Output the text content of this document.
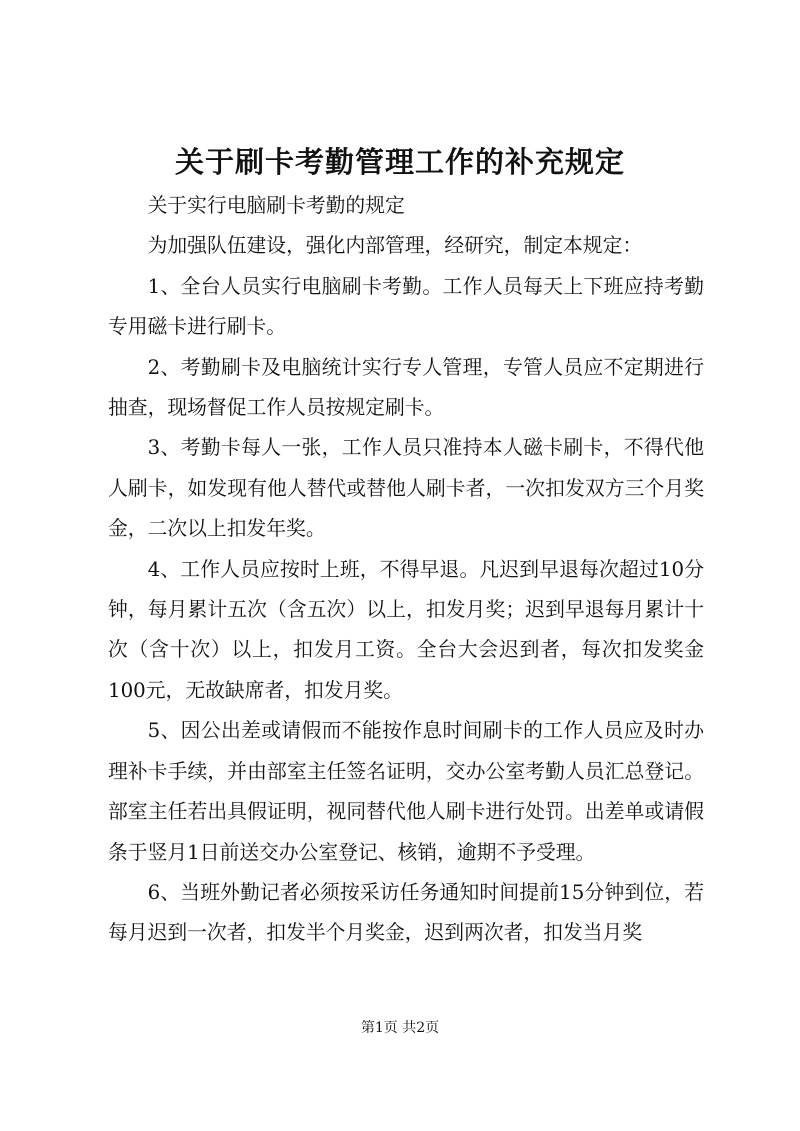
关于刷卡考勤管理工作的补充规定

关于实行电脑刷卡考勤的规定

为加强队伍建设，强化内部管理，经研究，制定本规定：

1、全台人员实行电脑刷卡考勤。工作人员每天上下班应持考勤专用磁卡进行刷卡。

2、考勤刷卡及电脑统计实行专人管理，专管人员应不定期进行抽查，现场督促工作人员按规定刷卡。

3、考勤卡每人一张，工作人员只准持本人磁卡刷卡，不得代他人刷卡，如发现有他人替代或替他人刷卡者，一次扣发双方三个月奖金，二次以上扣发年奖。

4、工作人员应按时上班，不得早退。凡迟到早退每次超过10分钟，每月累计五次（含五次）以上，扣发月奖；迟到早退每月累计十次（含十次）以上，扣发月工资。全台大会迟到者，每次扣发奖金100元，无故缺席者，扣发月奖。

5、因公出差或请假而不能按作息时间刷卡的工作人员应及时办理补卡手续，并由部室主任签名证明，交办公室考勤人员汇总登记。部室主任若出具假证明，视同替代他人刷卡进行处罚。出差单或请假条于竖月1日前送交办公室登记、核销，逾期不予受理。

6、当班外勤记者必须按采访任务通知时间提前15分钟到位，若每月迟到一次者，扣发半个月奖金，迟到两次者，扣发当月奖

第1页 共2页
